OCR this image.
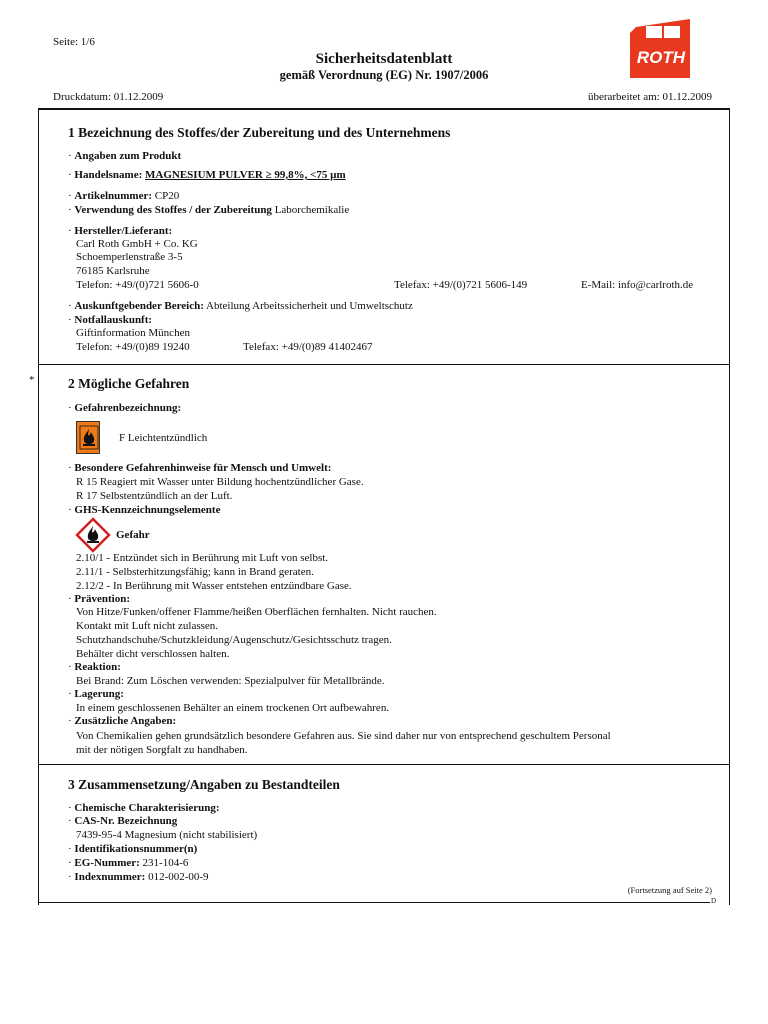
Seite: 1/6
Sicherheitsdatenblatt
gemäß Verordnung (EG) Nr. 1907/2006
ROTH
Druckdatum: 01.12.2009	überarbeitet am: 01.12.2009
D
1 Bezeichnung des Stoffes/der Zubereitung und des Unternehmens
· Angaben zum Produkt
· Handelsname: MAGNESIUM PULVER ≥ 99,8%, <75 µm
· Artikelnummer: CP20
· Verwendung des Stoffes / der Zubereitung Laborchemikalie
· Hersteller/Lieferant:
Carl Roth GmbH + Co. KG
Schoemperlenstraße 3-5
76185 Karlsruhe
Telefon: +49/(0)721 5606-0	Telefax: +49/(0)721 5606-149	E-Mail: info@carlroth.de
· Auskunftgebender Bereich: Abteilung Arbeitssicherheit und Umweltschutz
· Notfallauskunft:
Giftinformation München
Telefon: +49/(0)89 19240	Telefax: +49/(0)89 41402467
* 2 Mögliche Gefahren
· Gefahrenbezeichnung:
F Leichtentzündlich
· Besondere Gefahrenhinweise für Mensch und Umwelt:
R 15 Reagiert mit Wasser unter Bildung hochentzündlicher Gase.
R 17 Selbstentzündlich an der Luft.
· GHS-Kennzeichnungselemente
Gefahr
2.10/1 - Entzündet sich in Berührung mit Luft von selbst.
2.11/1 - Selbsterhitzungsfähig; kann in Brand geraten.
2.12/2 - In Berührung mit Wasser entstehen entzündbare Gase.
· Prävention:
Von Hitze/Funken/offener Flamme/heißen Oberflächen fernhalten. Nicht rauchen.
Kontakt mit Luft nicht zulassen.
Schutzhandschuhe/Schutzkleidung/Augenschutz/Gesichtsschutz tragen.
Behälter dicht verschlossen halten.
· Reaktion:
Bei Brand: Zum Löschen verwenden: Spezialpulver für Metallbrände.
· Lagerung:
In einem geschlossenen Behälter an einem trockenen Ort aufbewahren.
· Zusätzliche Angaben:
Von Chemikalien gehen grundsätzlich besondere Gefahren aus. Sie sind daher nur von entsprechend geschultem Personal
mit der nötigen Sorgfalt zu handhaben.
3 Zusammensetzung/Angaben zu Bestandteilen
· Chemische Charakterisierung:
· CAS-Nr. Bezeichnung
7439-95-4 Magnesium (nicht stabilisiert)
· Identifikationsnummer(n)
· EG-Nummer: 231-104-6
· Indexnummer: 012-002-00-9
(Fortsetzung auf Seite 2)
